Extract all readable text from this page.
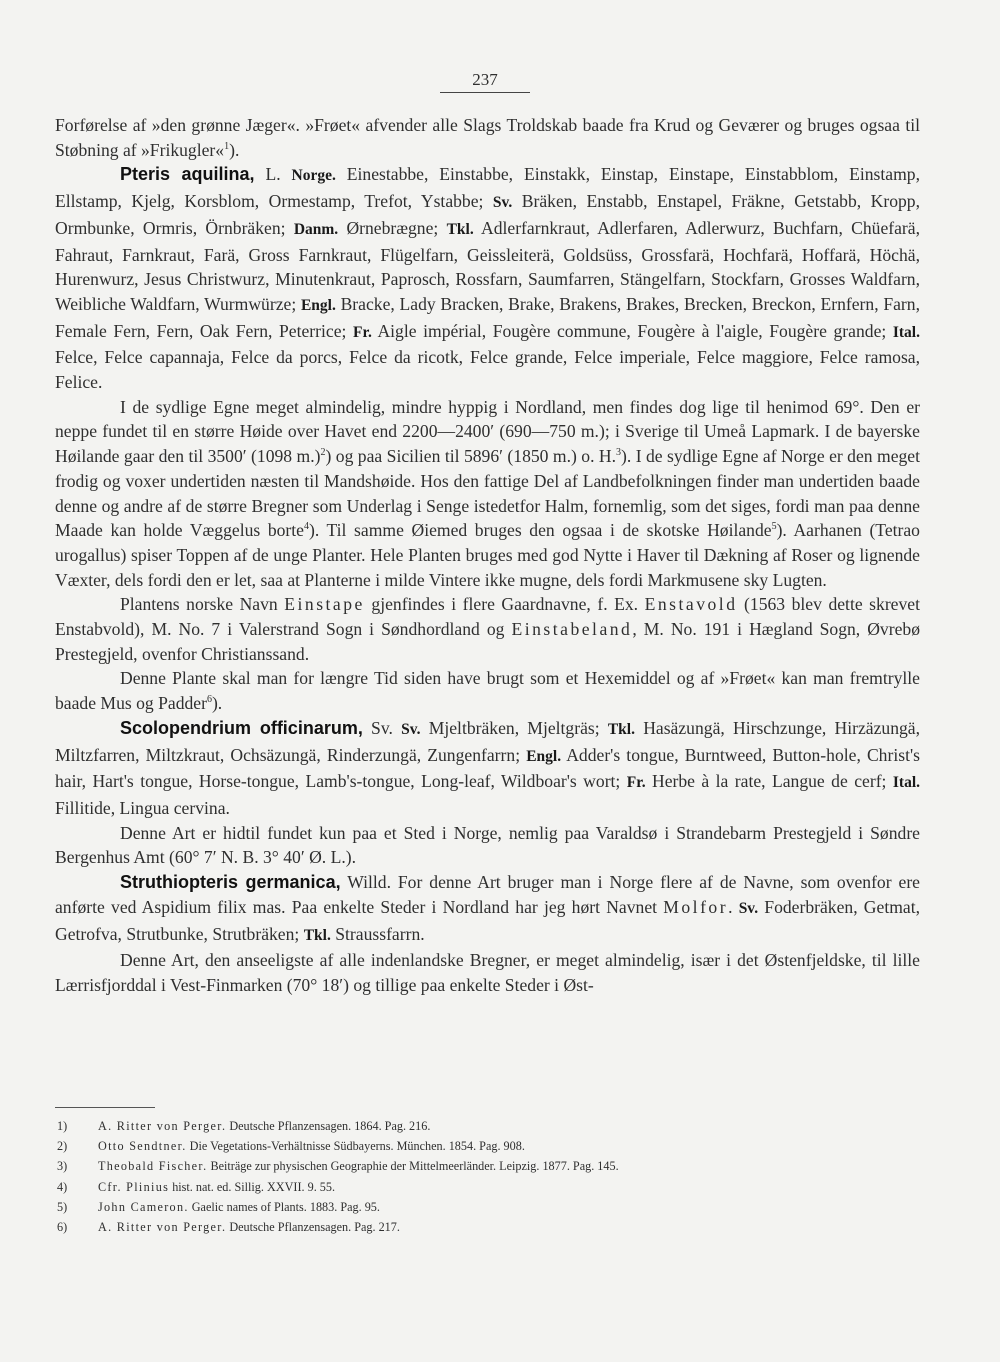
237

Forførelse af »den grønne Jæger«. »Frøet« afvender alle Slags Troldskab baade fra Krud og Geværer og bruges ogsaa til Støbning af »Frikugler«$^1$).

Pteris aquilina, L. Norge. Einestabbe, Einstabbe, Einstakk, Einstap, Einstape, Einstabblom, Einstamp, Ellstamp, Kjelg, Korsblom, Ormestamp, Trefot, Ystabbe; Sv. Bräken, Enstabb, Enstapel, Fräkne, Getstabb, Kropp, Ormbunke, Ormris, Örnbräken; Danm. Ørnebrægne; Tkl. Adlerfarnkraut, Adlerfaren, Adlerwurz, Buchfarn, Chüefarä, Fahraut, Farnkraut, Farä, Gross Farnkraut, Flügelfarn, Geissleiterä, Goldsüss, Grossfarä, Hochfarä, Hoffarä, Höchä, Hurenwurz, Jesus Christwurz, Minutenkraut, Paprosch, Rossfarn, Saumfarren, Stängelfarn, Stockfarn, Grosses Waldfarn, Weibliche Waldfarn, Wurmwürze; Engl. Bracke, Lady Bracken, Brake, Brakens, Brakes, Brecken, Breckon, Ernfern, Farn, Female Fern, Fern, Oak Fern, Peterrice; Fr. Aigle impérial, Fougère commune, Fougère à l'aigle, Fougère grande; Ital. Felce, Felce capannaja, Felce da porcs, Felce da ricotk, Felce grande, Felce imperiale, Felce maggiore, Felce ramosa, Felice.

I de sydlige Egne meget almindelig, mindre hyppig i Nordland, men findes dog lige til henimod 69°. Den er neppe fundet til en større Høide over Havet end 2200—2400′ (690—750 m.); i Sverige til Umeå Lapmark. I de bayerske Høilande gaar den til 3500′ (1098 m.)$^2$) og paa Sicilien til 5896′ (1850 m.) o. H.$^3$). I de sydlige Egne af Norge er den meget frodig og voxer undertiden næsten til Mandshøide. Hos den fattige Del af Landbefolkningen finder man undertiden baade denne og andre af de større Bregner som Underlag i Senge istedetfor Halm, fornemlig, som det siges, fordi man paa denne Maade kan holde Væggelus borte$^4$). Til samme Øiemed bruges den ogsaa i de skotske Høilande$^5$). Aarhanen (Tetrao urogallus) spiser Toppen af de unge Planter. Hele Planten bruges med god Nytte i Haver til Dækning af Roser og lignende Væxter, dels fordi den er let, saa at Planterne i milde Vintere ikke mugne, dels fordi Markmusene sky Lugten.

Plantens norske Navn Einstape gjenfindes i flere Gaardnavne, f. Ex. Enstavold (1563 blev dette skrevet Enstabvold), M. No. 7 i Valerstrand Sogn i Søndhordland og Einstabeland, M. No. 191 i Hægland Sogn, Øvrebø Prestegjeld, ovenfor Christianssand.

Denne Plante skal man for længre Tid siden have brugt som et Hexemiddel og af »Frøet« kan man fremtrylle baade Mus og Padder$^6$).

Scolopendrium officinarum, Sv. Sv. Mjeltbräken, Mjeltgräs; Tkl. Hasäzungä, Hirschzunge, Hirzäzungä, Miltzfarren, Miltzkraut, Ochsäzungä, Rinderzungä, Zungenfarrn; Engl. Adder's tongue, Burntweed, Button-hole, Christ's hair, Hart's tongue, Horse-tongue, Lamb's-tongue, Long-leaf, Wildboar's wort; Fr. Herbe à la rate, Langue de cerf; Ital. Fillitide, Lingua cervina.

Denne Art er hidtil fundet kun paa et Sted i Norge, nemlig paa Varaldsø i Strandebarm Prestegjeld i Søndre Bergenhus Amt (60° 7′ N. B. 3° 40′ Ø. L.).

Struthiopteris germanica, Willd. For denne Art bruger man i Norge flere af de Navne, som ovenfor ere anførte ved Aspidium filix mas. Paa enkelte Steder i Nordland har jeg hørt Navnet Molfor. Sv. Foderbräken, Getmat, Getrofva, Strutbunke, Strutbräken; Tkl. Straussfarrn.

Denne Art, den anseeligste af alle indenlandske Bregner, er meget almindelig, især i det Østenfjeldske, til lille Lærrisfjorddal i Vest-Finmarken (70° 18′) og tillige paa enkelte Steder i Øst-

1)	A. Ritter von Perger. Deutsche Pflanzensagen. 1864. Pag. 216.
2)	Otto Sendtner. Die Vegetations-Verhältnisse Südbayerns. München. 1854. Pag. 908.
3)	Theobald Fischer. Beiträge zur physischen Geographie der Mittelmeerländer. Leipzig. 1877. Pag. 145.
4)	Cfr. Plinius hist. nat. ed. Sillig. XXVII. 9. 55.
5)	John Cameron. Gaelic names of Plants. 1883. Pag. 95.
6)	A. Ritter von Perger. Deutsche Pflanzensagen. Pag. 217.
